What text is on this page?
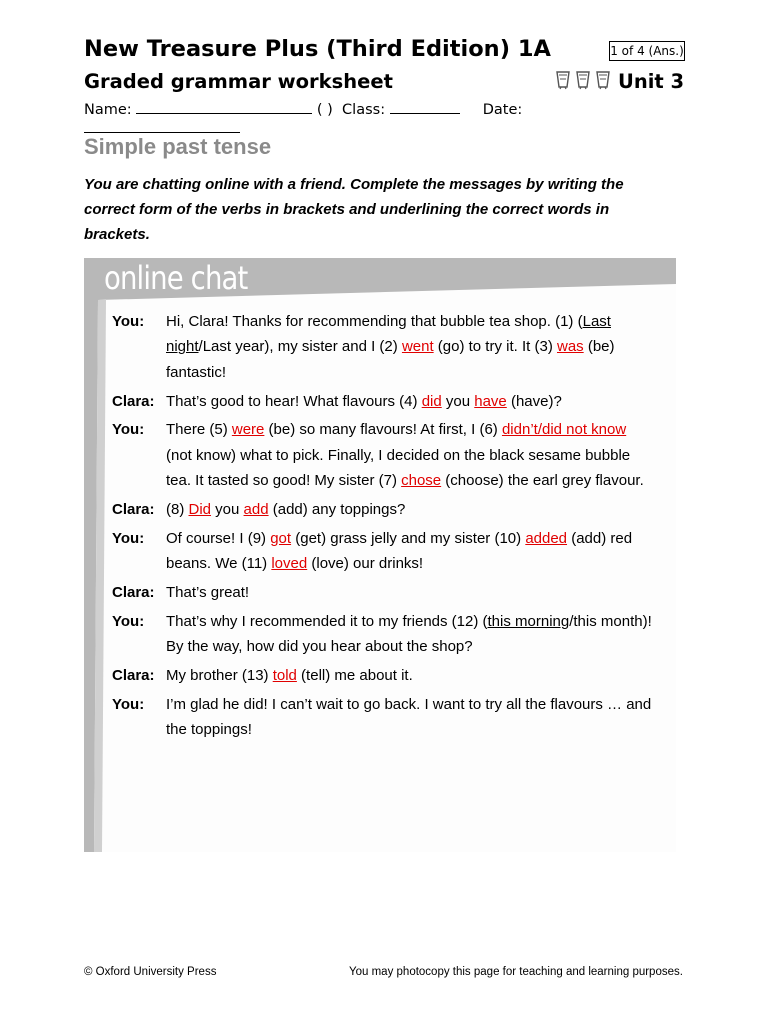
New Treasure Plus (Third Edition) 1A	1 of 4 (Ans.)
Graded grammar worksheet	Unit 3
Name:	( ) Class:	Date:

Simple past tense
You are chatting online with a friend. Complete the messages by writing the correct form of the verbs in brackets and underlining the correct words in brackets.
online chat
You:	Hi, Clara! Thanks for recommending that bubble tea shop. (1) (Last night/Last year), my sister and I (2) went (go) to try it. It (3) was (be) fantastic!
Clara: That’s good to hear! What flavours (4) did you have (have)?
You:	There (5) were (be) so many flavours! At first, I (6) didn’t/did not know (not know) what to pick. Finally, I decided on the black sesame bubble tea. It tasted so good! My sister (7) chose (choose) the earl grey flavour.
Clara: (8) Did you add (add) any toppings?
You:	Of course! I (9) got (get) grass jelly and my sister (10) added (add) red beans. We (11) loved (love) our drinks!
Clara: That’s great!
You:	That’s why I recommended it to my friends (12) (this morning/this month)! By the way, how did you hear about the shop?
Clara: My brother (13) told (tell) me about it.
You:	I’m glad he did! I can’t wait to go back. I want to try all the flavours … and the toppings!
© Oxford University Press	You may photocopy this page for teaching and learning purposes.
